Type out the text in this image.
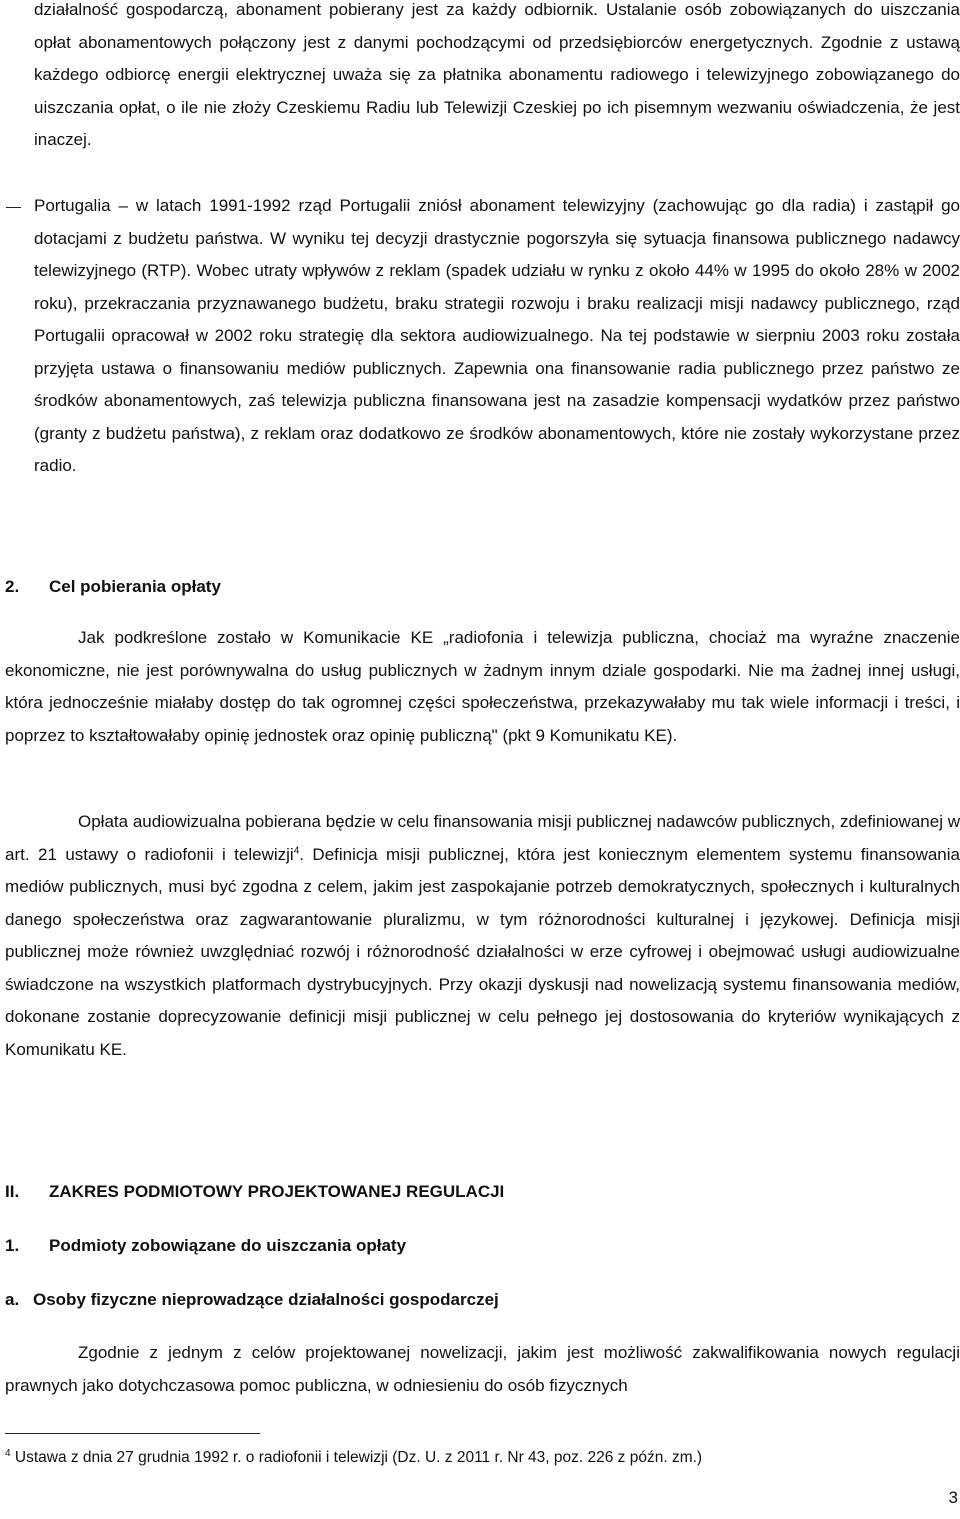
działalność gospodarczą, abonament pobierany jest za każdy odbiornik. Ustalanie osób zobowiązanych do uiszczania opłat abonamentowych połączony jest z danymi pochodzącymi od przedsiębiorców energetycznych. Zgodnie z ustawą każdego odbiorcę energii elektrycznej uważa się za płatnika abonamentu radiowego i telewizyjnego zobowiązanego do uiszczania opłat, o ile nie złoży Czeskiemu Radiu lub Telewizji Czeskiej po ich pisemnym wezwaniu oświadczenia, że jest inaczej.

Portugalia – w latach 1991-1992 rząd Portugalii zniósł abonament telewizyjny (zachowując go dla radia) i zastąpił go dotacjami z budżetu państwa. W wyniku tej decyzji drastycznie pogorszyła się sytuacja finansowa publicznego nadawcy telewizyjnego (RTP). Wobec utraty wpływów z reklam (spadek udziału w rynku z około 44% w 1995 do około 28% w 2002 roku), przekraczania przyznawanego budżetu, braku strategii rozwoju i braku realizacji misji nadawcy publicznego, rząd Portugalii opracował w 2002 roku strategię dla sektora audiowizualnego. Na tej podstawie w sierpniu 2003 roku została przyjęta ustawa o finansowaniu mediów publicznych. Zapewnia ona finansowanie radia publicznego przez państwo ze środków abonamentowych, zaś telewizja publiczna finansowana jest na zasadzie kompensacji wydatków przez państwo (granty z budżetu państwa), z reklam oraz dodatkowo ze środków abonamentowych, które nie zostały wykorzystane przez radio.

2. Cel pobierania opłaty

Jak podkreślone zostało w Komunikacie KE „radiofonia i telewizja publiczna, chociaż ma wyraźne znaczenie ekonomiczne, nie jest porównywalna do usług publicznych w żadnym innym dziale gospodarki. Nie ma żadnej innej usługi, która jednocześnie miałaby dostęp do tak ogromnej części społeczeństwa, przekazywałaby mu tak wiele informacji i treści, i poprzez to kształtowałaby opinię jednostek oraz opinię publiczną" (pkt 9 Komunikatu KE).

Opłata audiowizualna pobierana będzie w celu finansowania misji publicznej nadawców publicznych, zdefiniowanej w art. 21 ustawy o radiofonii i telewizji$^4$. Definicja misji publicznej, która jest koniecznym elementem systemu finansowania mediów publicznych, musi być zgodna z celem, jakim jest zaspokajanie potrzeb demokratycznych, społecznych i kulturalnych danego społeczeństwa oraz zagwarantowanie pluralizmu, w tym różnorodności kulturalnej i językowej. Definicja misji publicznej może również uwzględniać rozwój i różnorodność działalności w erze cyfrowej i obejmować usługi audiowizualne świadczone na wszystkich platformach dystrybucyjnych. Przy okazji dyskusji nad nowelizacją systemu finansowania mediów, dokonane zostanie doprecyzowanie definicji misji publicznej w celu pełnego jej dostosowania do kryteriów wynikających z Komunikatu KE.

II. ZAKRES PODMIOTOWY PROJEKTOWANEJ REGULACJI
1. Podmioty zobowiązane do uiszczania opłaty
a. Osoby fizyczne nieprowadzące działalności gospodarczej

Zgodnie z jednym z celów projektowanej nowelizacji, jakim jest możliwość zakwalifikowania nowych regulacji prawnych jako dotychczasowa pomoc publiczna, w odniesieniu do osób fizycznych

$^4$ Ustawa z dnia 27 grudnia 1992 r. o radiofonii i telewizji (Dz. U. z 2011 r. Nr 43, poz. 226 z późn. zm.)

3
